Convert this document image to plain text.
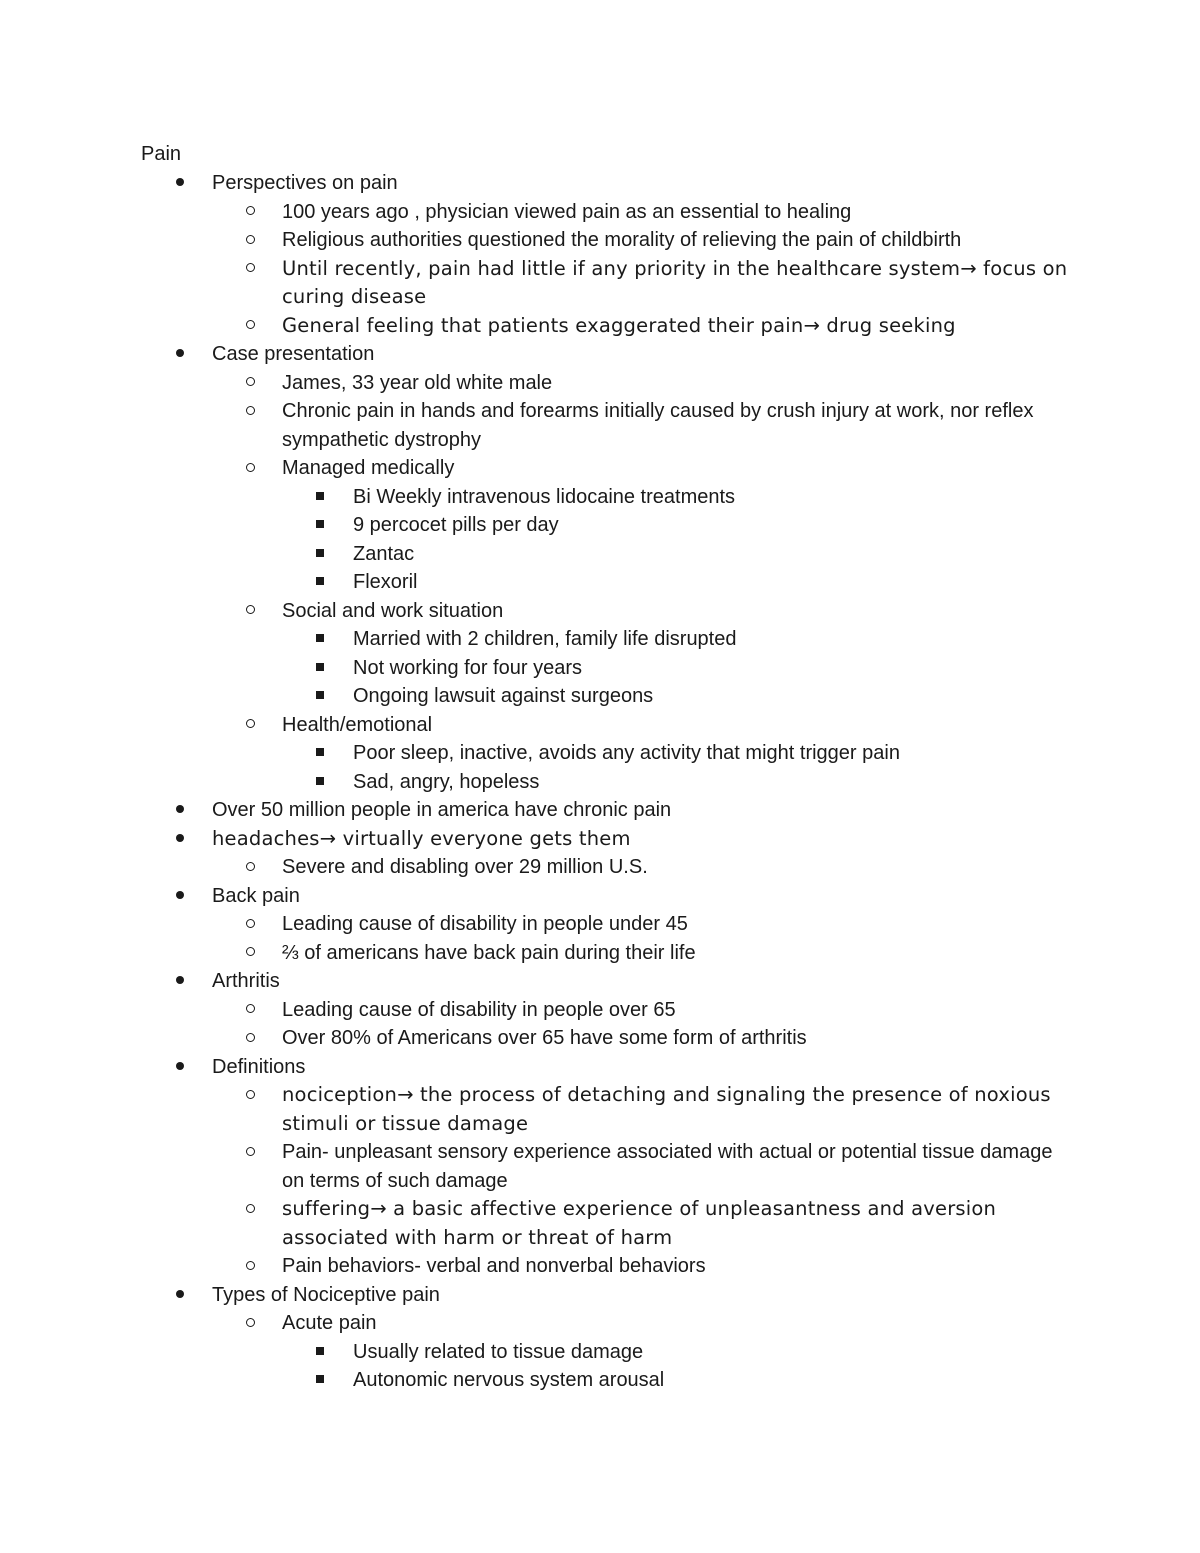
Pain
Perspectives on pain
100 years ago , physician viewed pain as an essential to healing
Religious authorities questioned the morality of relieving the pain of childbirth
Until recently, pain had little if any priority in the healthcare system→ focus on curing disease
General feeling that patients exaggerated their pain→ drug seeking
Case presentation
James, 33 year old white male
Chronic pain in hands and forearms initially caused by crush injury at work, nor reflex sympathetic dystrophy
Managed medically
Bi Weekly intravenous lidocaine treatments
9 percocet pills per day
Zantac
Flexoril
Social and work situation
Married with 2 children, family life disrupted
Not working for four years
Ongoing lawsuit against surgeons
Health/emotional
Poor sleep, inactive, avoids any activity that might trigger pain
Sad, angry, hopeless
Over 50 million people in america have chronic pain
headaches→ virtually everyone gets them
Severe and disabling over 29 million U.S.
Back pain
Leading cause of disability in people under 45
⅔ of americans have back pain during their life
Arthritis
Leading cause of disability in people over 65
Over 80% of Americans over 65 have some form of arthritis
Definitions
nociception→ the process of detaching and signaling the presence of noxious stimuli or tissue damage
Pain- unpleasant sensory experience associated with actual or potential tissue damage on terms of such damage
suffering→ a basic affective experience of unpleasantness and aversion associated with harm or threat of harm
Pain behaviors- verbal and nonverbal behaviors
Types of Nociceptive pain
Acute pain
Usually related to tissue damage
Autonomic nervous system arousal
